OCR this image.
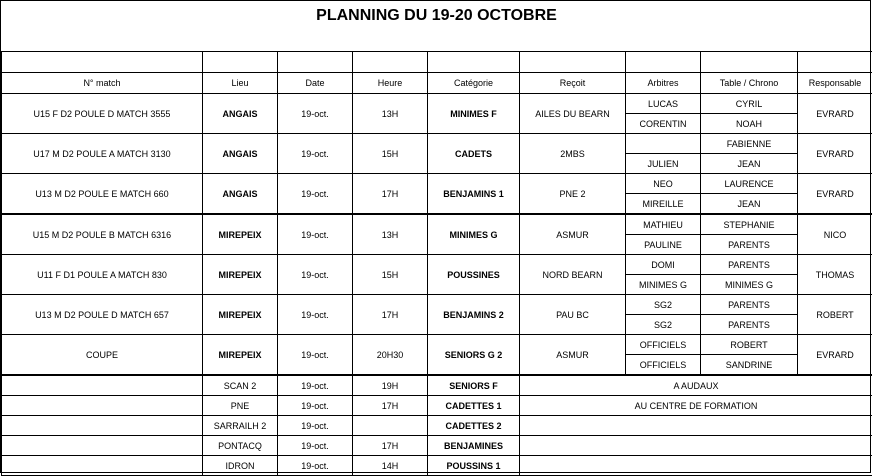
PLANNING DU 19-20 OCTOBRE

N° match	Lieu	Date	Heure	Catégorie	Reçoit	Arbitres	Table / Chrono	Responsable
U15 F D2 POULE D MATCH 3555	ANGAIS	19-oct.	13H	MINIMES F	AILES DU BEARN	LUCAS	CYRIL	EVRARD
						CORENTIN	NOAH	
U17 M D2 POULE A MATCH 3130	ANGAIS	19-oct.	15H	CADETS	2MBS		FABIENNE	EVRARD
						JULIEN	JEAN	
U13 M D2 POULE E MATCH 660	ANGAIS	19-oct.	17H	BENJAMINS 1	PNE 2	NEO	LAURENCE	EVRARD
						MIREILLE	JEAN	
U15 M D2 POULE B MATCH 6316	MIREPEIX	19-oct.	13H	MINIMES G	ASMUR	MATHIEU	STEPHANIE	NICO
						PAULINE	PARENTS	
U11 F D1 POULE A MATCH 830	MIREPEIX	19-oct.	15H	POUSSINES	NORD BEARN	DOMI	PARENTS	THOMAS
						MINIMES G	MINIMES G	
U13 M D2 POULE D MATCH 657	MIREPEIX	19-oct.	17H	BENJAMINS 2	PAU BC	SG2	PARENTS	ROBERT
						SG2	PARENTS	
COUPE	MIREPEIX	19-oct.	20H30	SENIORS G 2	ASMUR	OFFICIELS	ROBERT	EVRARD
						OFFICIELS	SANDRINE	
	SCAN 2	19-oct.	19H	SENIORS F	A AUDAUX			
	PNE	19-oct.	17H	CADETTES 1	AU CENTRE DE FORMATION			
	SARRAILH 2	19-oct.		CADETTES 2				
	PONTACQ	19-oct.	17H	BENJAMINES				
	IDRON	19-oct.	14H	POUSSINS 1				
